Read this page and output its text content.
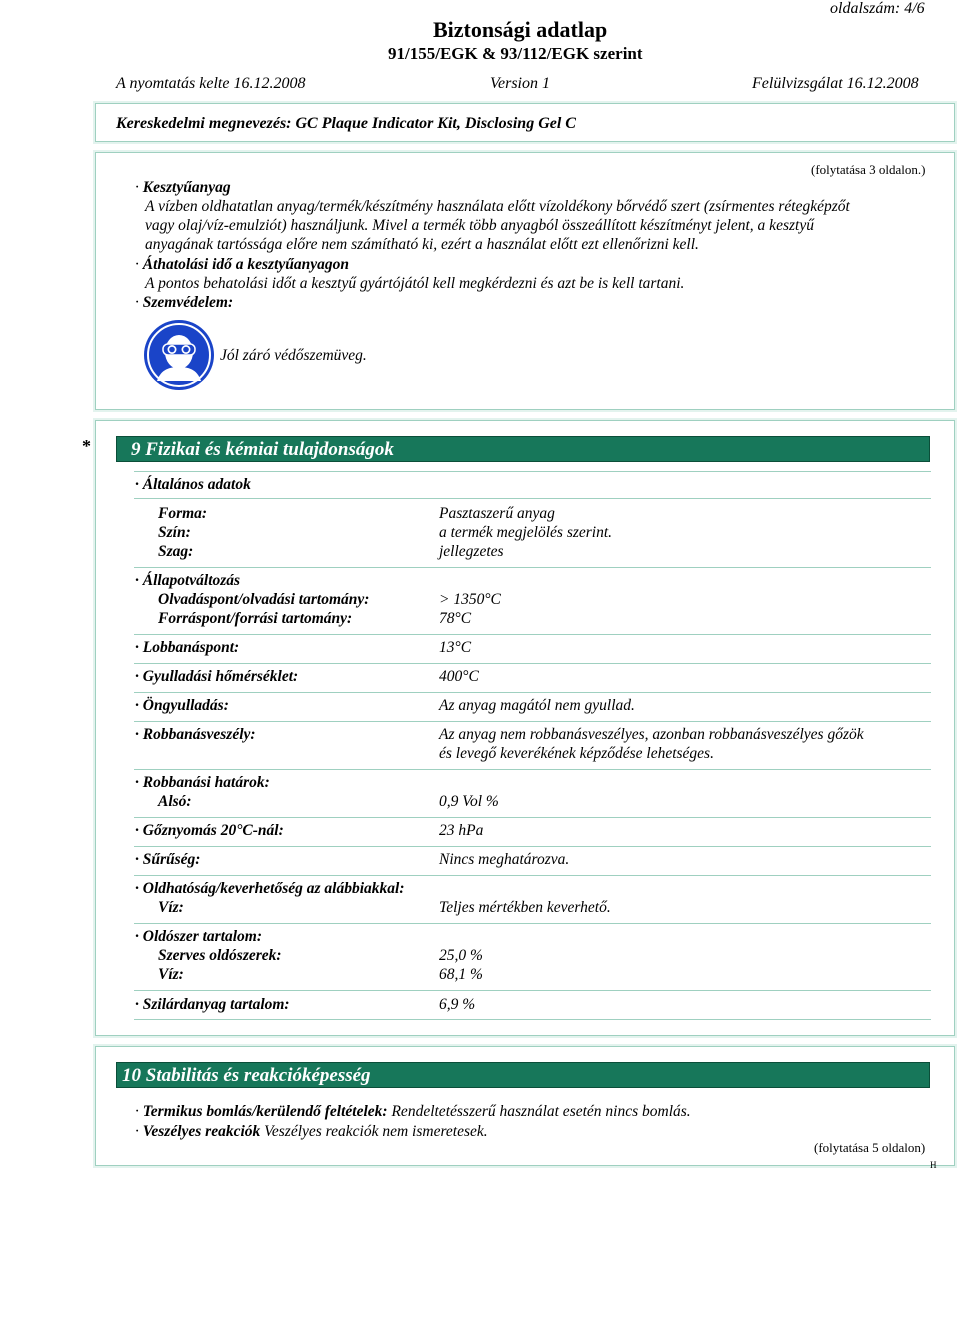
oldalszám: 4/6
Biztonsági adatlap
91/155/EGK & 93/112/EGK szerint
A nyomtatás kelte 16.12.2008	Version 1	Felülvizsgálat 16.12.2008
Kereskedelmi megnevezés: GC Plaque Indicator Kit, Disclosing Gel C
(folytatása 3 oldalon.)
· Kesztyűanyag
A vízben oldhatatlan anyag/termék/készítmény használata előtt vízoldékony bőrvédő szert (zsírmentes rétegképzőt
vagy olaj/víz-emulziót) használjunk. Mivel a termék több anyagból összeállított készítményt jelent, a kesztyű
anyagának tartóssága előre nem számítható ki, ezért a használat előtt ezt ellenőrizni kell.
· Áthatolási idő a kesztyűanyagon
A pontos behatolási időt a kesztyű gyártójától kell megkérdezni és azt be is kell tartani.
· Szemvédelem:
Jól záró védőszemüveg.
*	9 Fizikai és kémiai tulajdonságok
· Általános adatok
Forma:	Pasztaszerű anyag
Szín:	a termék megjelölés szerint.
Szag:	jellegzetes
· Állapotváltozás
Olvadáspont/olvadási tartomány:	> 1350°C
Forráspont/forrási tartomány:	78°C
· Lobbanáspont:	13°C
· Gyulladási hőmérséklet:	400°C
· Öngyulladás:	Az anyag magától nem gyullad.
· Robbanásveszély:	Az anyag nem robbanásveszélyes, azonban robbanásveszélyes gőzök
és levegő keverékének képződése lehetséges.
· Robbanási határok:
Alsó:	0,9 Vol %
· Gőznyomás 20°C-nál:	23 hPa
· Sűrűség:	Nincs meghatározva.
· Oldhatóság/keverhetőség az alábbiakkal:
Víz:	Teljes mértékben keverhető.
· Oldószer tartalom:
Szerves oldószerek:	25,0 %
Víz:	68,1 %
· Szilárdanyag tartalom:	6,9 %
10 Stabilitás és reakcióképesség
· Termikus bomlás/kerülendő feltételek: Rendeltetésszerű használat esetén nincs bomlás.
· Veszélyes reakciók Veszélyes reakciók nem ismeretesek.
(folytatása 5 oldalon)
H
